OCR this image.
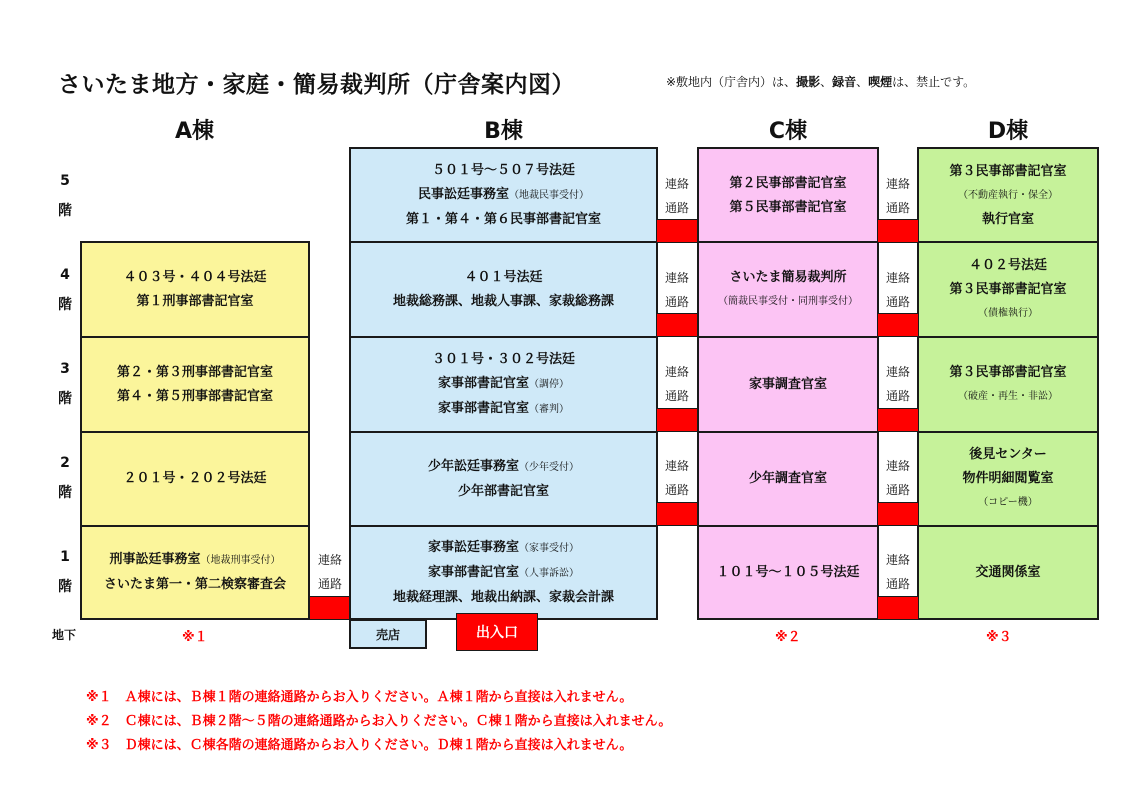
さいたま地方・家庭・簡易裁判所（庁舎案内図）	※敷地内（庁舎内）は、撮影、録音、喫煙は、禁止です。
A棟	B棟	C棟	D棟
5
階
4
階
3
階
2
階
1
階
地下
４０３号・４０４号法廷
第１刑事部書記官室
第２・第３刑事部書記官室
第４・第５刑事部書記官室
２０１号・２０２号法廷
刑事訟廷事務室（地裁刑事受付）
さいたま第一・第二検察審査会
５０１号～５０７号法廷
民事訟廷事務室（地裁民事受付）
第１・第４・第６民事部書記官室
４０１号法廷
地裁総務課、地裁人事課、家裁総務課
３０１号・３０２号法廷
家事部書記官室（調停）
家事部書記官室（審判）
少年訟廷事務室（少年受付）
少年部書記官室
家事訟廷事務室（家事受付）
家事部書記官室（人事訴訟）
地裁経理課、地裁出納課、家裁会計課
第２民事部書記官室
第５民事部書記官室
さいたま簡易裁判所
（簡裁民事受付・同刑事受付）
家事調査官室
少年調査官室
１０１号～１０５号法廷
第３民事部書記官室
（不動産執行・保全）
執行官室
４０２号法廷
第３民事部書記官室
（債権執行）
第３民事部書記官室
（破産・再生・非訟）
後見センター
物件明細閲覧室
（コピー機）
交通関係室
連絡
通路
連絡
通路
連絡
通路
連絡
通路
連絡
通路
連絡
通路
連絡
通路
連絡
通路
連絡
通路
連絡
通路
売店	出入口
※１	※２	※３
※１　Ａ棟には、Ｂ棟１階の連絡通路からお入りください。Ａ棟１階から直接は入れません。
※２　Ｃ棟には、Ｂ棟２階～５階の連絡通路からお入りください。Ｃ棟１階から直接は入れません。
※３　Ｄ棟には、Ｃ棟各階の連絡通路からお入りください。Ｄ棟１階から直接は入れません。
